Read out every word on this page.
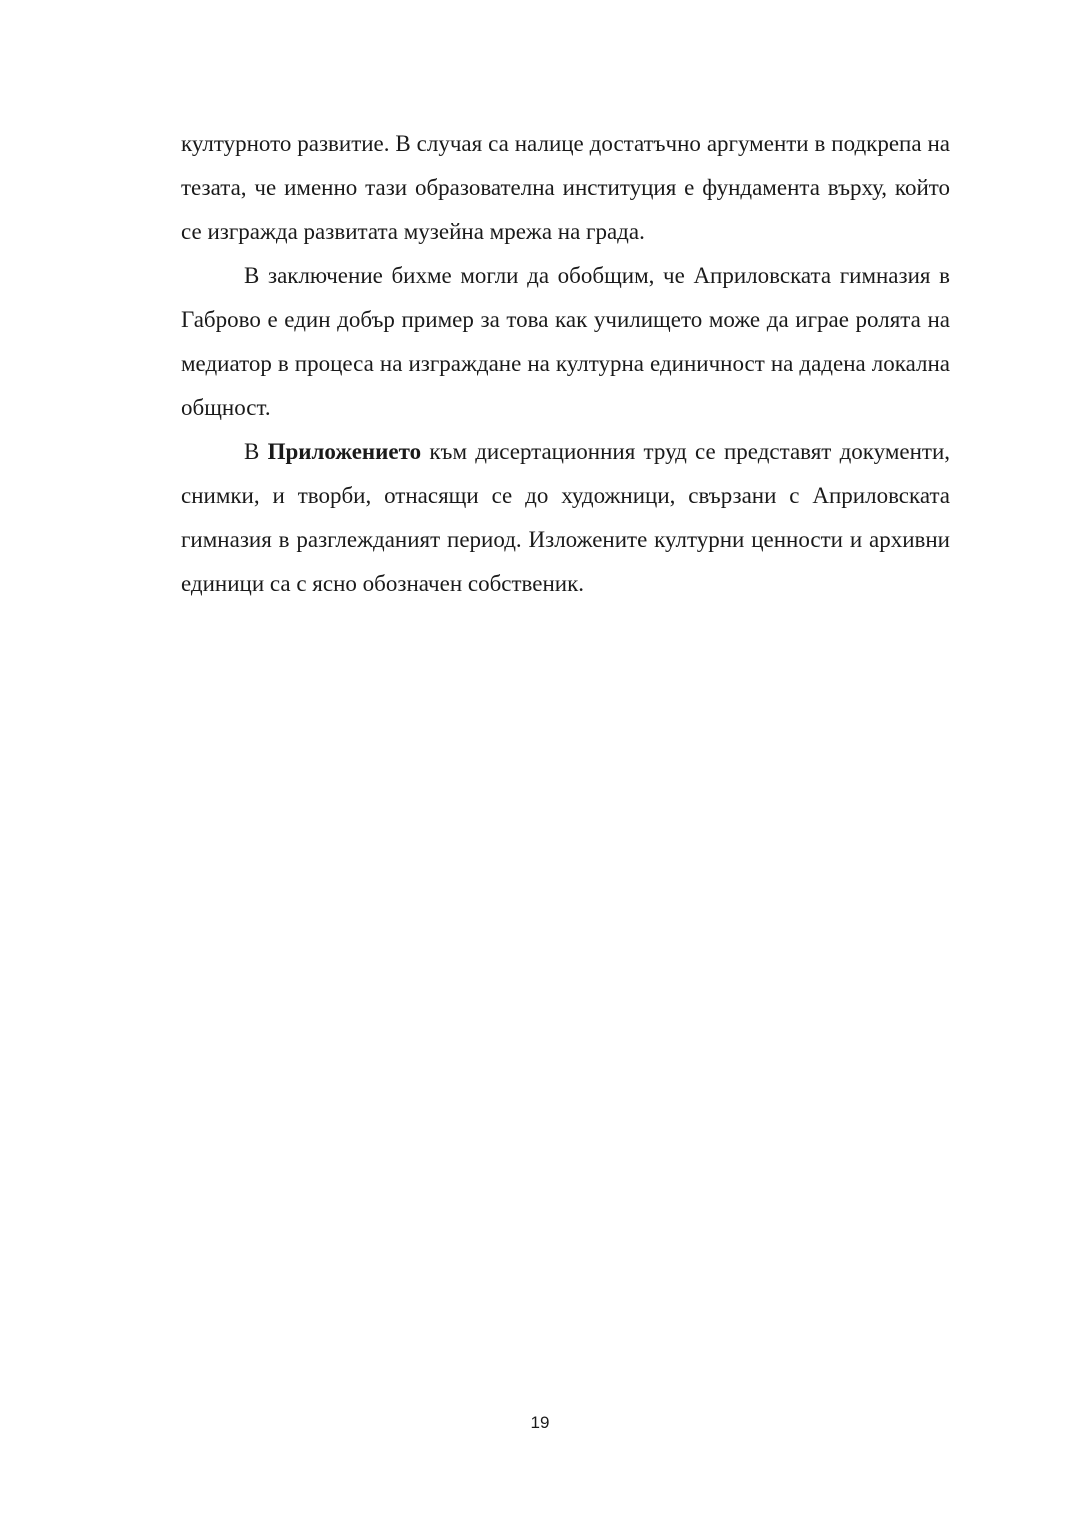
културното развитие. В случая са налице достатъчно аргументи в подкрепа на тезата, че именно тази образователна институция е фундамента върху, който се изгражда развитата музейна мрежа на града.

В заключение бихме могли да обобщим, че Априловската гимназия в Габрово е един добър пример за това как училището може да играе ролята на медиатор в процеса на изграждане на културна единичност на дадена локална общност.

В Приложението към дисертационния труд се представят документи, снимки, и творби, отнасящи се до художници, свързани с Априловската гимназия в разглежданият период. Изложените културни ценности и архивни единици са с ясно обозначен собственик.

19
